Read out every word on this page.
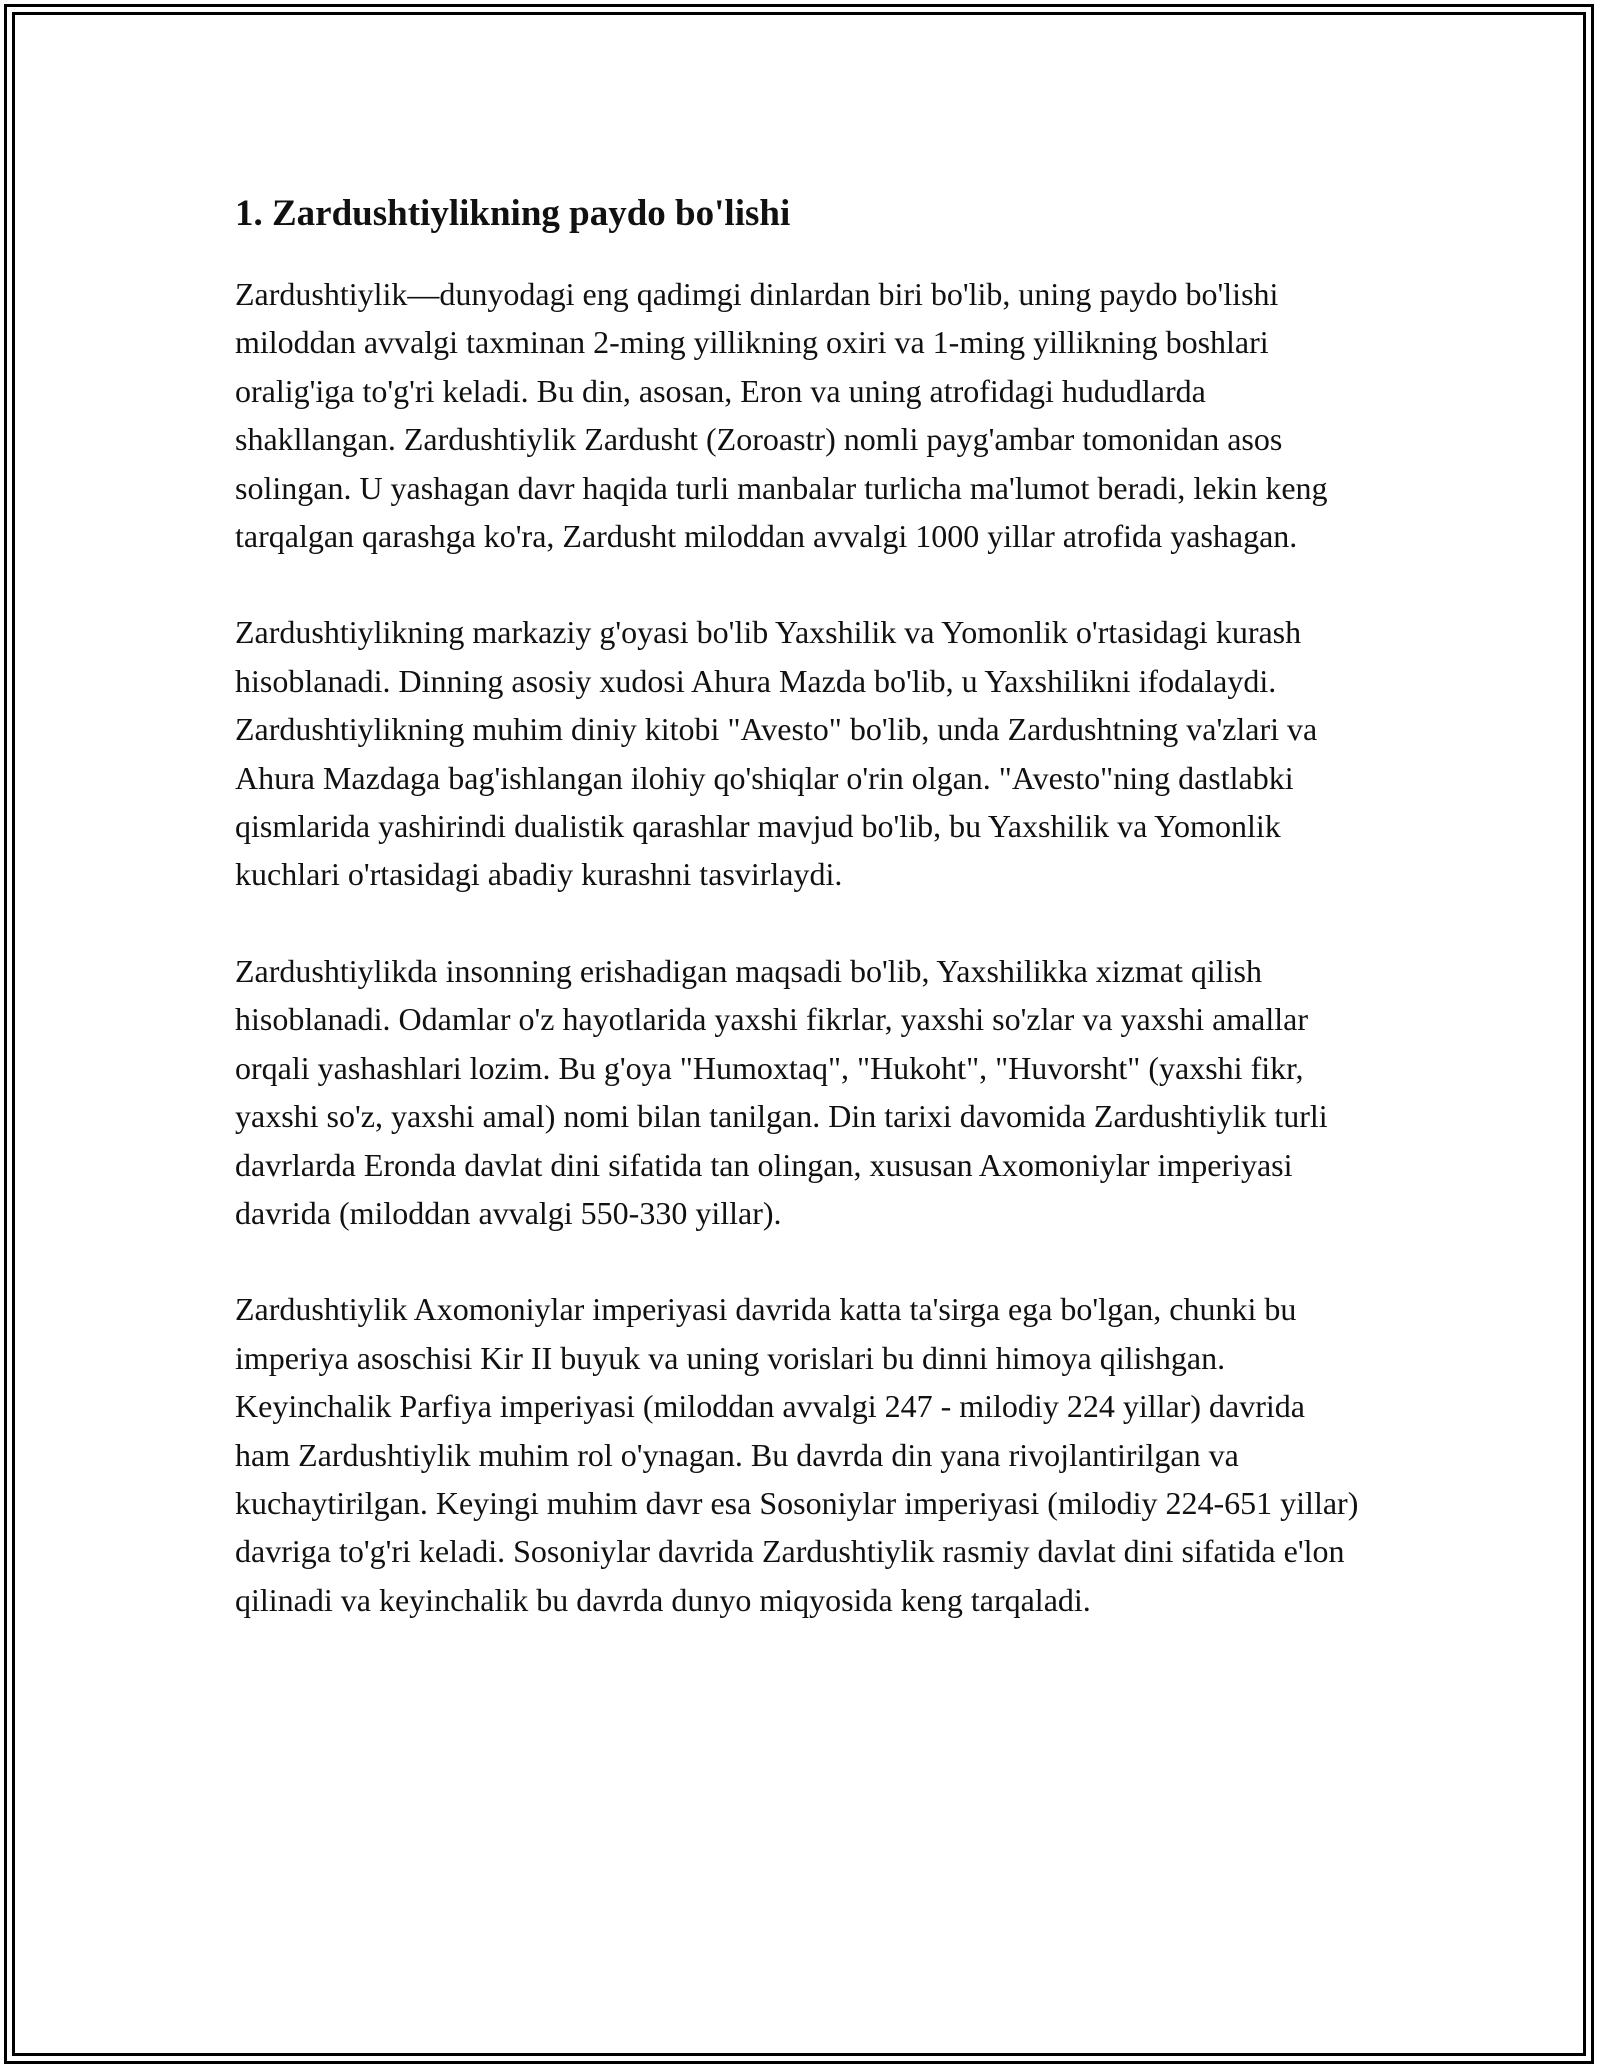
1. Zardushtiylikning paydo bo'lishi

Zardushtiylik—dunyodagi eng qadimgi dinlardan biri bo'lib, uning paydo bo'lishi miloddan avvalgi taxminan 2-ming yillikning oxiri va 1-ming yillikning boshlari oralig'iga to'g'ri keladi. Bu din, asosan, Eron va uning atrofidagi hududlarda shakllangan. Zardushtiylik Zardusht (Zoroastr) nomli payg'ambar tomonidan asos solingan. U yashagan davr haqida turli manbalar turlicha ma'lumot beradi, lekin keng tarqalgan qarashga ko'ra, Zardusht miloddan avvalgi 1000 yillar atrofida yashagan.

Zardushtiylikning markaziy g'oyasi bo'lib Yaxshilik va Yomonlik o'rtasidagi kurash hisoblanadi. Dinning asosiy xudosi Ahura Mazda bo'lib, u Yaxshilikni ifodalaydi. Zardushtiylikning muhim diniy kitobi "Avesto" bo'lib, unda Zardushtning va'zlari va Ahura Mazdaga bag'ishlangan ilohiy qo'shiqlar o'rin olgan. "Avesto"ning dastlabki qismlarida yashirindi dualistik qarashlar mavjud bo'lib, bu Yaxshilik va Yomonlik kuchlari o'rtasidagi abadiy kurashni tasvirlaydi.

Zardushtiylikda insonning erishadigan maqsadi bo'lib, Yaxshilikka xizmat qilish hisoblanadi. Odamlar o'z hayotlarida yaxshi fikrlar, yaxshi so'zlar va yaxshi amallar orqali yashashlari lozim. Bu g'oya "Humoxtaq", "Hukoht", "Huvorsht" (yaxshi fikr, yaxshi so'z, yaxshi amal) nomi bilan tanilgan. Din tarixi davomida Zardushtiylik turli davrlarda Eronda davlat dini sifatida tan olingan, xususan Axomoniylar imperiyasi davrida (miloddan avvalgi 550-330 yillar).

Zardushtiylik Axomoniylar imperiyasi davrida katta ta'sirga ega bo'lgan, chunki bu imperiya asoschisi Kir II buyuk va uning vorislari bu dinni himoya qilishgan. Keyinchalik Parfiya imperiyasi (miloddan avvalgi 247 - milodiy 224 yillar) davrida ham Zardushtiylik muhim rol o'ynagan. Bu davrda din yana rivojlantirilgan va kuchaytirilgan. Keyingi muhim davr esa Sosoniylar imperiyasi (milodiy 224-651 yillar) davriga to'g'ri keladi. Sosoniylar davrida Zardushtiylik rasmiy davlat dini sifatida e'lon qilinadi va keyinchalik bu davrda dunyo miqyosida keng tarqaladi.
